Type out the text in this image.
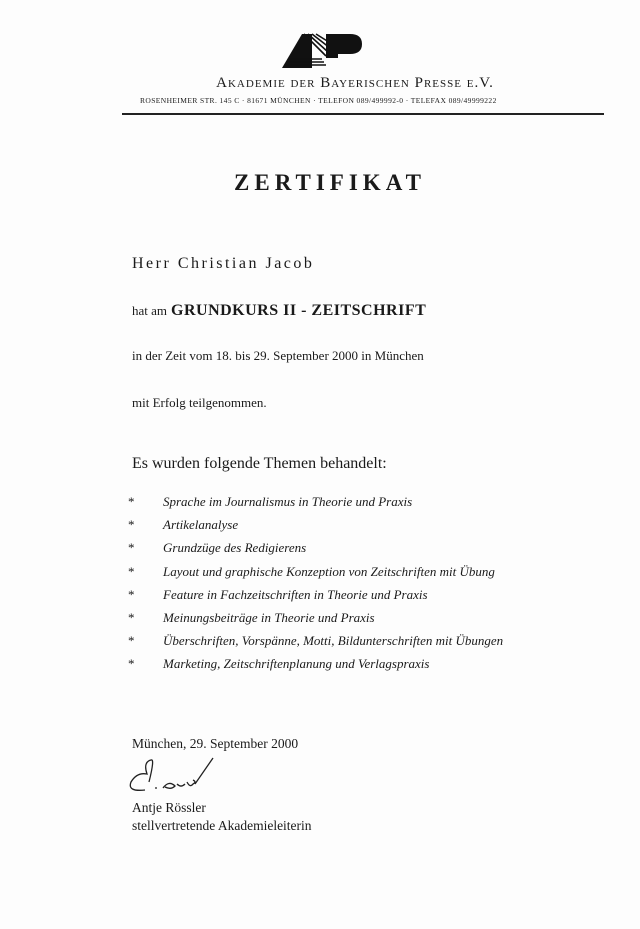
Akademie der Bayerischen Presse e.V.
ROSENHEIMER STR. 145 C · 81671 MÜNCHEN · TELEFON 089/499992-0 · TELEFAX 089/49999222
ZERTIFIKAT
Herr Christian Jacob
hat am GRUNDKURS II - ZEITSCHRIFT
in der Zeit vom 18. bis 29. September 2000 in München
mit Erfolg teilgenommen.
Es wurden folgende Themen behandelt:
*	Sprache im Journalismus in Theorie und Praxis
*	Artikelanalyse
*	Grundzüge des Redigierens
*	Layout und graphische Konzeption von Zeitschriften mit Übung
*	Feature in Fachzeitschriften in Theorie und Praxis
*	Meinungsbeiträge in Theorie und Praxis
*	Überschriften, Vorspänne, Motti, Bildunterschriften mit Übungen
*	Marketing, Zeitschriftenplanung und Verlagspraxis
München, 29. September 2000
Antje Rössler
stellvertretende Akademieleiterin
